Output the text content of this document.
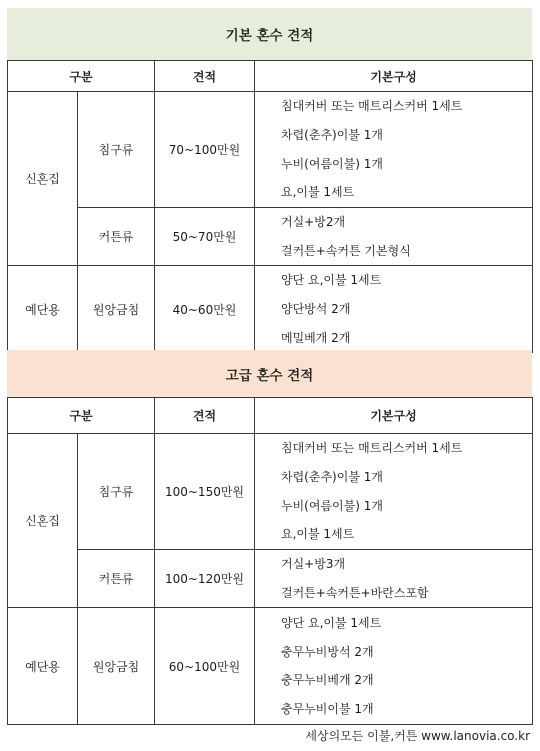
기본 혼수 견적
구분		견적	기본구성
신혼집	침구류	70~100만원	침대커버 또는 매트리스커버 1세트
차렵(춘추)이불 1개
누비(여름이불) 1개
요,이불 1세트

	커튼류	50~70만원	거실+방2개
걸커튼+속커튼 기본형식

예단용	원앙금침	40~60만원	양단 요,이불 1세트
양단방석 2개
메밀베개 2개
고급 혼수 견적
구분		견적	기본구성
신혼집	침구류	100~150만원	침대커버 또는 매트리스커버 1세트
차렵(춘추)이불 1개
누비(여름이불) 1개
요,이불 1세트

	커튼류	100~120만원	거실+방3개
걸커튼+속커튼+바란스포함

예단용	원앙금침	60~100만원	양단 요,이불 1세트
충무누비방석 2개
충무누비베개 2개
충무누비이불 1개
세상의모든 이불,커튼 www.lanovia.co.kr
